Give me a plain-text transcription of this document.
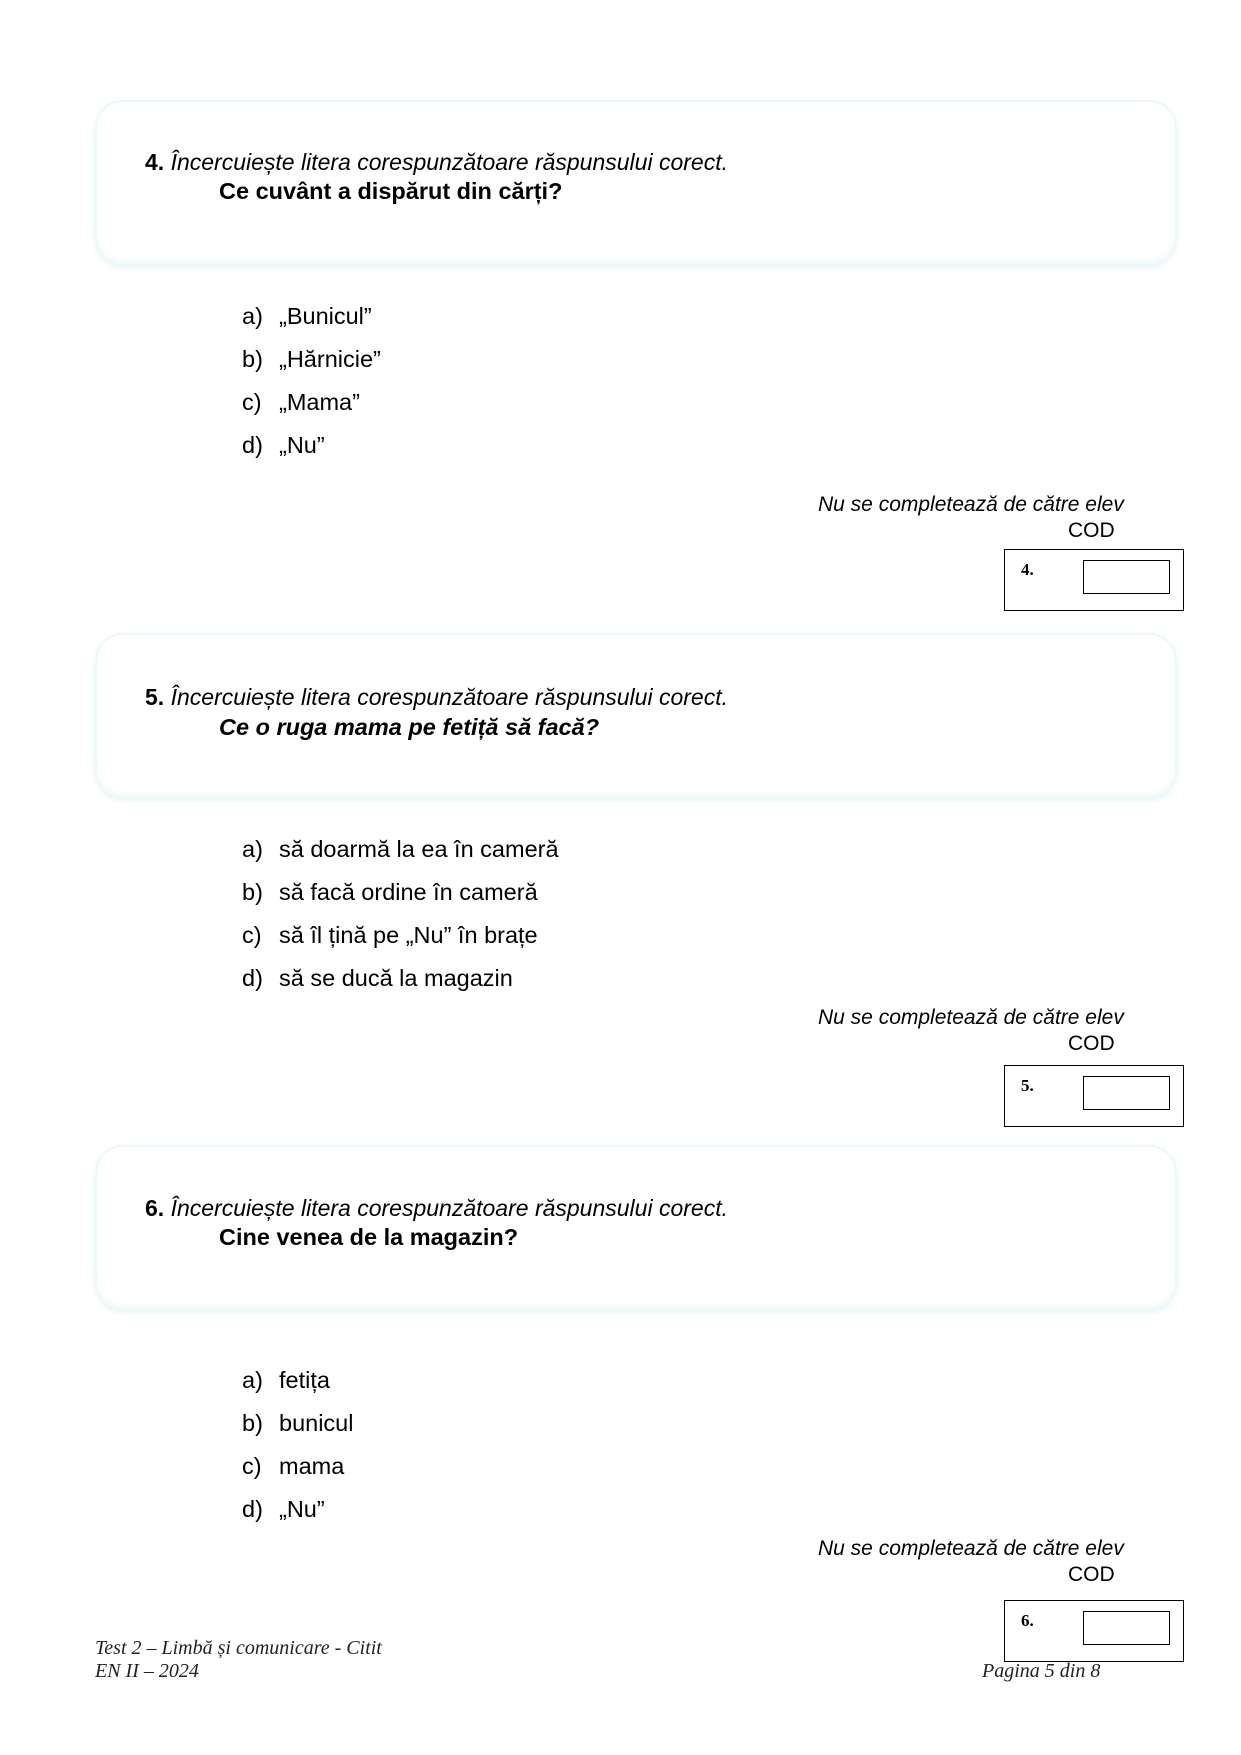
4. Încercuiește litera corespunzătoare răspunsului corect.
Ce cuvânt a dispărut din cărți?
a) „Bunicul”
b) „Hărnicie”
c) „Mama”
d) „Nu”
Nu se completează de către elev
COD
4.
5. Încercuiește litera corespunzătoare răspunsului corect.
Ce o ruga mama pe fetiță să facă?
a) să doarmă la ea în cameră
b) să facă ordine în cameră
c) să îl țină pe „Nu” în brațe
d) să se ducă la magazin
Nu se completează de către elev
COD
5.
6. Încercuiește litera corespunzătoare răspunsului corect.
Cine venea de la magazin?
a) fetița
b) bunicul
c) mama
d) „Nu”
Nu se completează de către elev
COD
6.
Test 2 – Limbă și comunicare - Citit
EN II – 2024	Pagina 5 din 8
